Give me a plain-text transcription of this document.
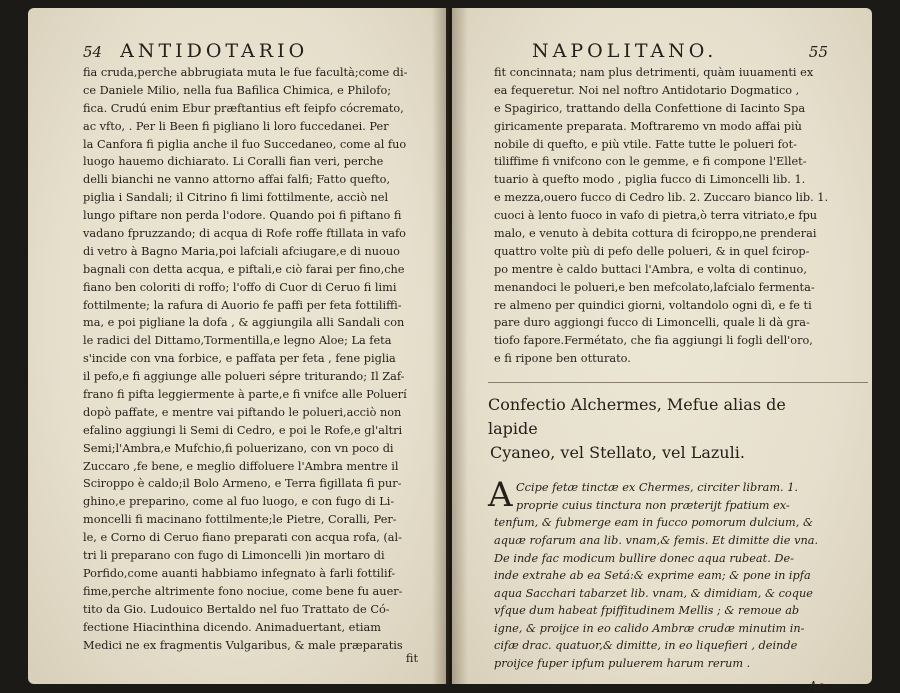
54 ANTIDOTARIO
fia cruda,perche abbrugiata muta le fue facultà;come di-
ce Daniele Milio, nella fua Bafilica Chimica, e Philofo;
fica. Crudú enim Ebur præftantius eft feipfo cócremato,
ac vfto, . Per li Been fi pigliano li loro fuccedanei. Per
la Canfora fi piglia anche il fuo Succedaneo, come al fuo
luogo hauemo dichiarato. Li Coralli fian veri, perche
delli bianchi ne vanno attorno affai falfi; Fatto quefto,
piglia i Sandali; il Citrino fi limi fottilmente, acciò nel
lungo piftare non perda l'odore. Quando poi fi piftano fi
vadano fpruzzando; di acqua di Rofe roffe ftillata in vafo
di vetro à Bagno Maria,poi lafciali afciugare,e di nuouo
bagnali con detta acqua, e piftali,e ciò farai per fino,che
fiano ben coloriti di roffo; l'offo di Cuor di Ceruo fi limi
fottilmente; la rafura di Auorio fe paffi per feta fottiliffi-
ma, e poi pigliane la dofa , & aggiungila alli Sandali con
le radici del Dittamo,Tormentilla,e legno Aloe; La feta
s'incide con vna forbice, e paffata per feta , fene piglia
il pefo,e fi aggiunge alle polueri sépre triturando; Il Zaf-
frano fi pifta leggiermente à parte,e fi vnifce alle Poluerí
dopò paffate, e mentre vai piftando le polueri,acciò non
efalino aggiungi li Semi di Cedro, e poi le Rofe,e gl'altri
Semi;l'Ambra,e Mufchio,fi poluerizano, con vn poco di
Zuccaro ,fe bene, e meglio diffoluere l'Ambra mentre il
Sciroppo è caldo;il Bolo Armeno, e Terra figillata fi pur-
ghino,e preparino, come al fuo luogo, e con fugo di Li-
moncelli fi macinano fottilmente;le Pietre, Coralli, Per-
le, e Corno di Ceruo fiano preparati con acqua rofa, (al-
tri li preparano con fugo di Limoncelli )in mortaro di
Porfido,come auanti habbiamo infegnato à farli fottilif-
fime,perche altrimente fono nociue, come bene fu auer-
tito da Gio. Ludouico Bertaldo nel fuo Trattato de Có-
fectione Hiacinthina dicendo. Animaduertant, etiam
Medici ne ex fragmentis Vulgaribus, & male præparatis
fit
NAPOLITANO.	55
fit concinnata; nam plus detrimenti, quàm iuuamenti ex
ea fequeretur. Noi nel noftro Antidotario Dogmatico ,
e Spagirico, trattando della Confettione di Iacinto Spa
giricamente preparata. Moftraremo vn modo affai più
nobile di quefto, e più vtile. Fatte tutte le polueri fot-
tiliffime fi vnifcono con le gemme, e fi compone l'Ellet-
tuario à quefto modo , piglia fucco di Limoncelli lib. 1.
e mezza,ouero fucco di Cedro lib. 2. Zuccaro bianco lib. 1.
cuoci à lento fuoco in vafo di pietra,ò terra vitriato,e fpu
malo, e venuto à debita cottura di fciroppo,ne prenderai
quattro volte più di pefo delle polueri, & in quel fcirop-
po mentre è caldo buttaci l'Ambra, e volta di continuo,
menandoci le polueri,e ben mefcolato,lafcialo fermenta-
re almeno per quindici giorni, voltandolo ogni dì, e fe ti
pare duro aggiongi fucco di Limoncelli, quale li dà gra-
tiofo fapore.Fermétato, che fia aggiungi li fogli dell'oro,
e fi ripone ben otturato.
Confectio Alchermes, Mefue alias de lapide
Cyaneo, vel Stellato, vel Lazuli.
A Ccipe fetæ tinctæ ex Chermes, circiter libram. 1.
proprie cuius tinctura non præterijt fpatium ex-
tenfum, & fubmerge eam in fucco pomorum dulcium, &
aquæ rofarum ana lib. vnam,& femis. Et dimitte die vna.
De inde fac modicum bullire donec aqua rubeat. De-
inde extrahe ab ea Setá:& exprime eam; & pone in ipfa
aqua Sacchari tabarzet lib. vnam, & dimidiam, & coque
vfque dum habeat fpiffitudinem Mellis ; & remoue ab
igne, & proijce in eo calido Ambræ crudæ minutim in-
cifæ drac. quatuor,& dimitte, in eo liquefieri , deinde
proijce fuper ipfum puluerem harum rerum .
Ac-
